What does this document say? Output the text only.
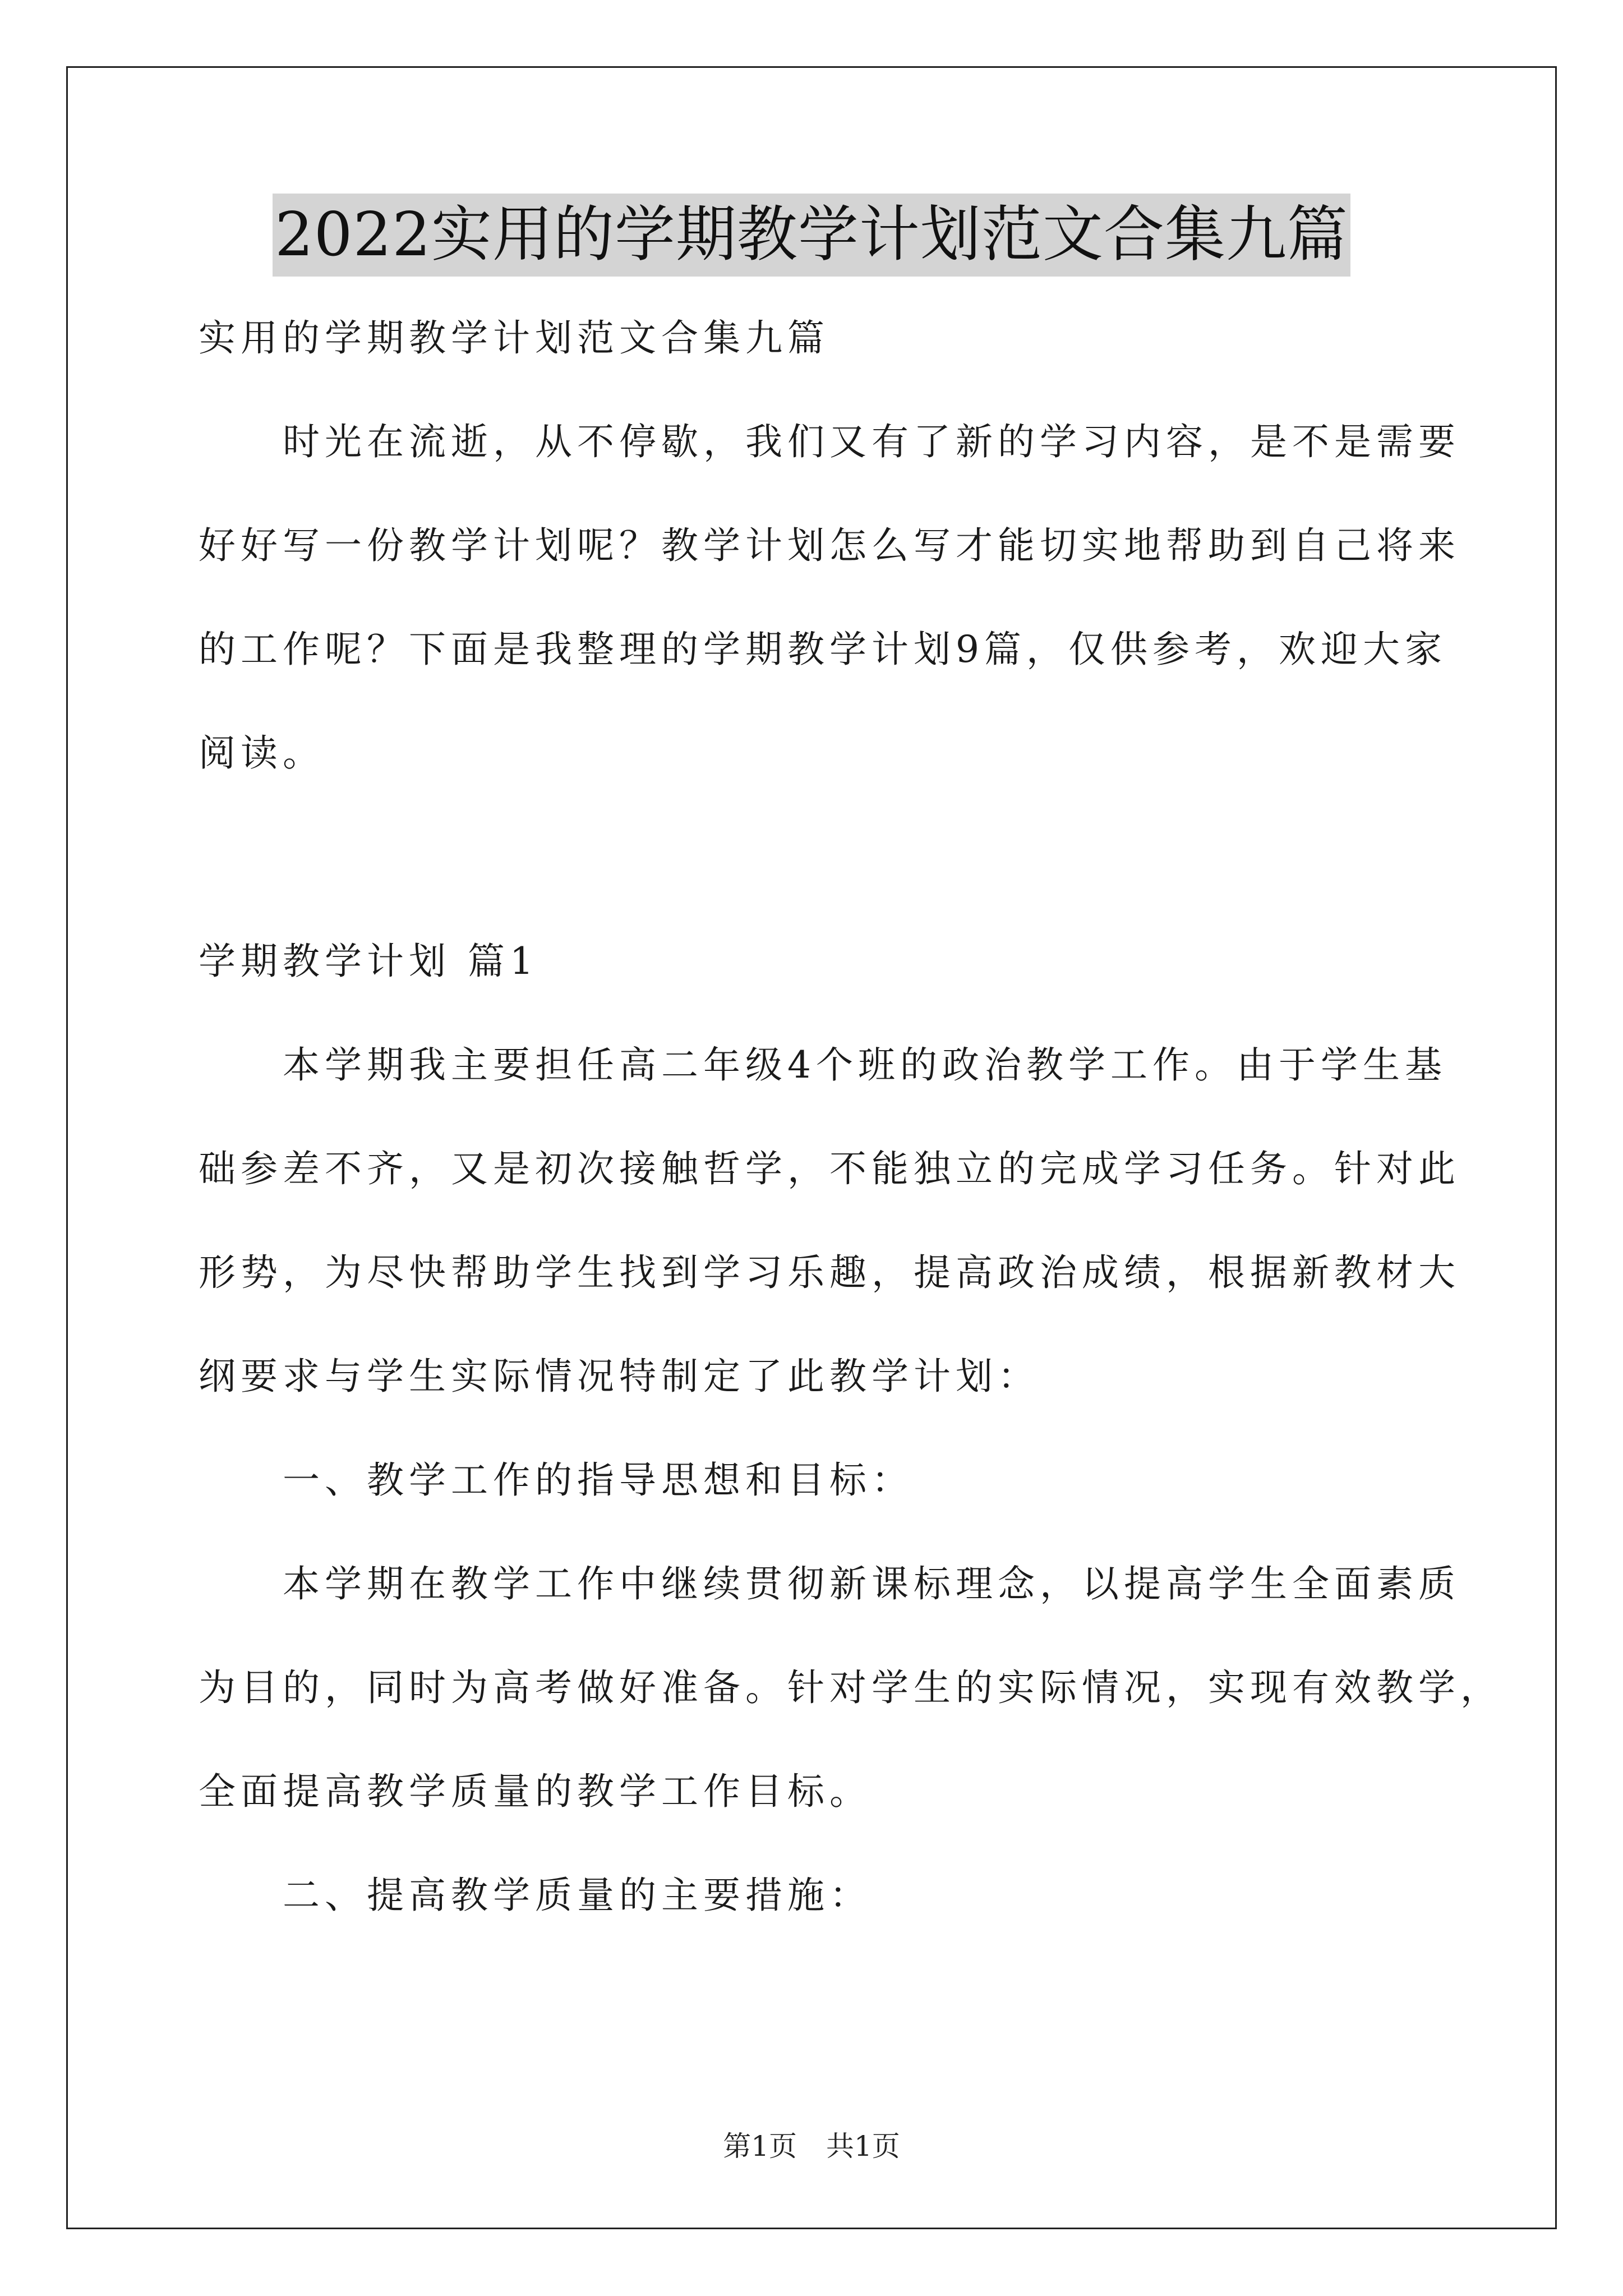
2022实用的学期教学计划范文合集九篇

实用的学期教学计划范文合集九篇

时光在流逝，从不停歇，我们又有了新的学习内容，是不是需要

好好写一份教学计划呢？教学计划怎么写才能切实地帮助到自己将来

的工作呢？下面是我整理的学期教学计划9篇，仅供参考，欢迎大家

阅读。

学期教学计划 篇1

本学期我主要担任高二年级4个班的政治教学工作。由于学生基

础参差不齐，又是初次接触哲学，不能独立的完成学习任务。针对此

形势，为尽快帮助学生找到学习乐趣，提高政治成绩，根据新教材大

纲要求与学生实际情况特制定了此教学计划：

一、教学工作的指导思想和目标：

本学期在教学工作中继续贯彻新课标理念，以提高学生全面素质

为目的，同时为高考做好准备。针对学生的实际情况，实现有效教学，

全面提高教学质量的教学工作目标。

二、提高教学质量的主要措施：

第1页 共1页
